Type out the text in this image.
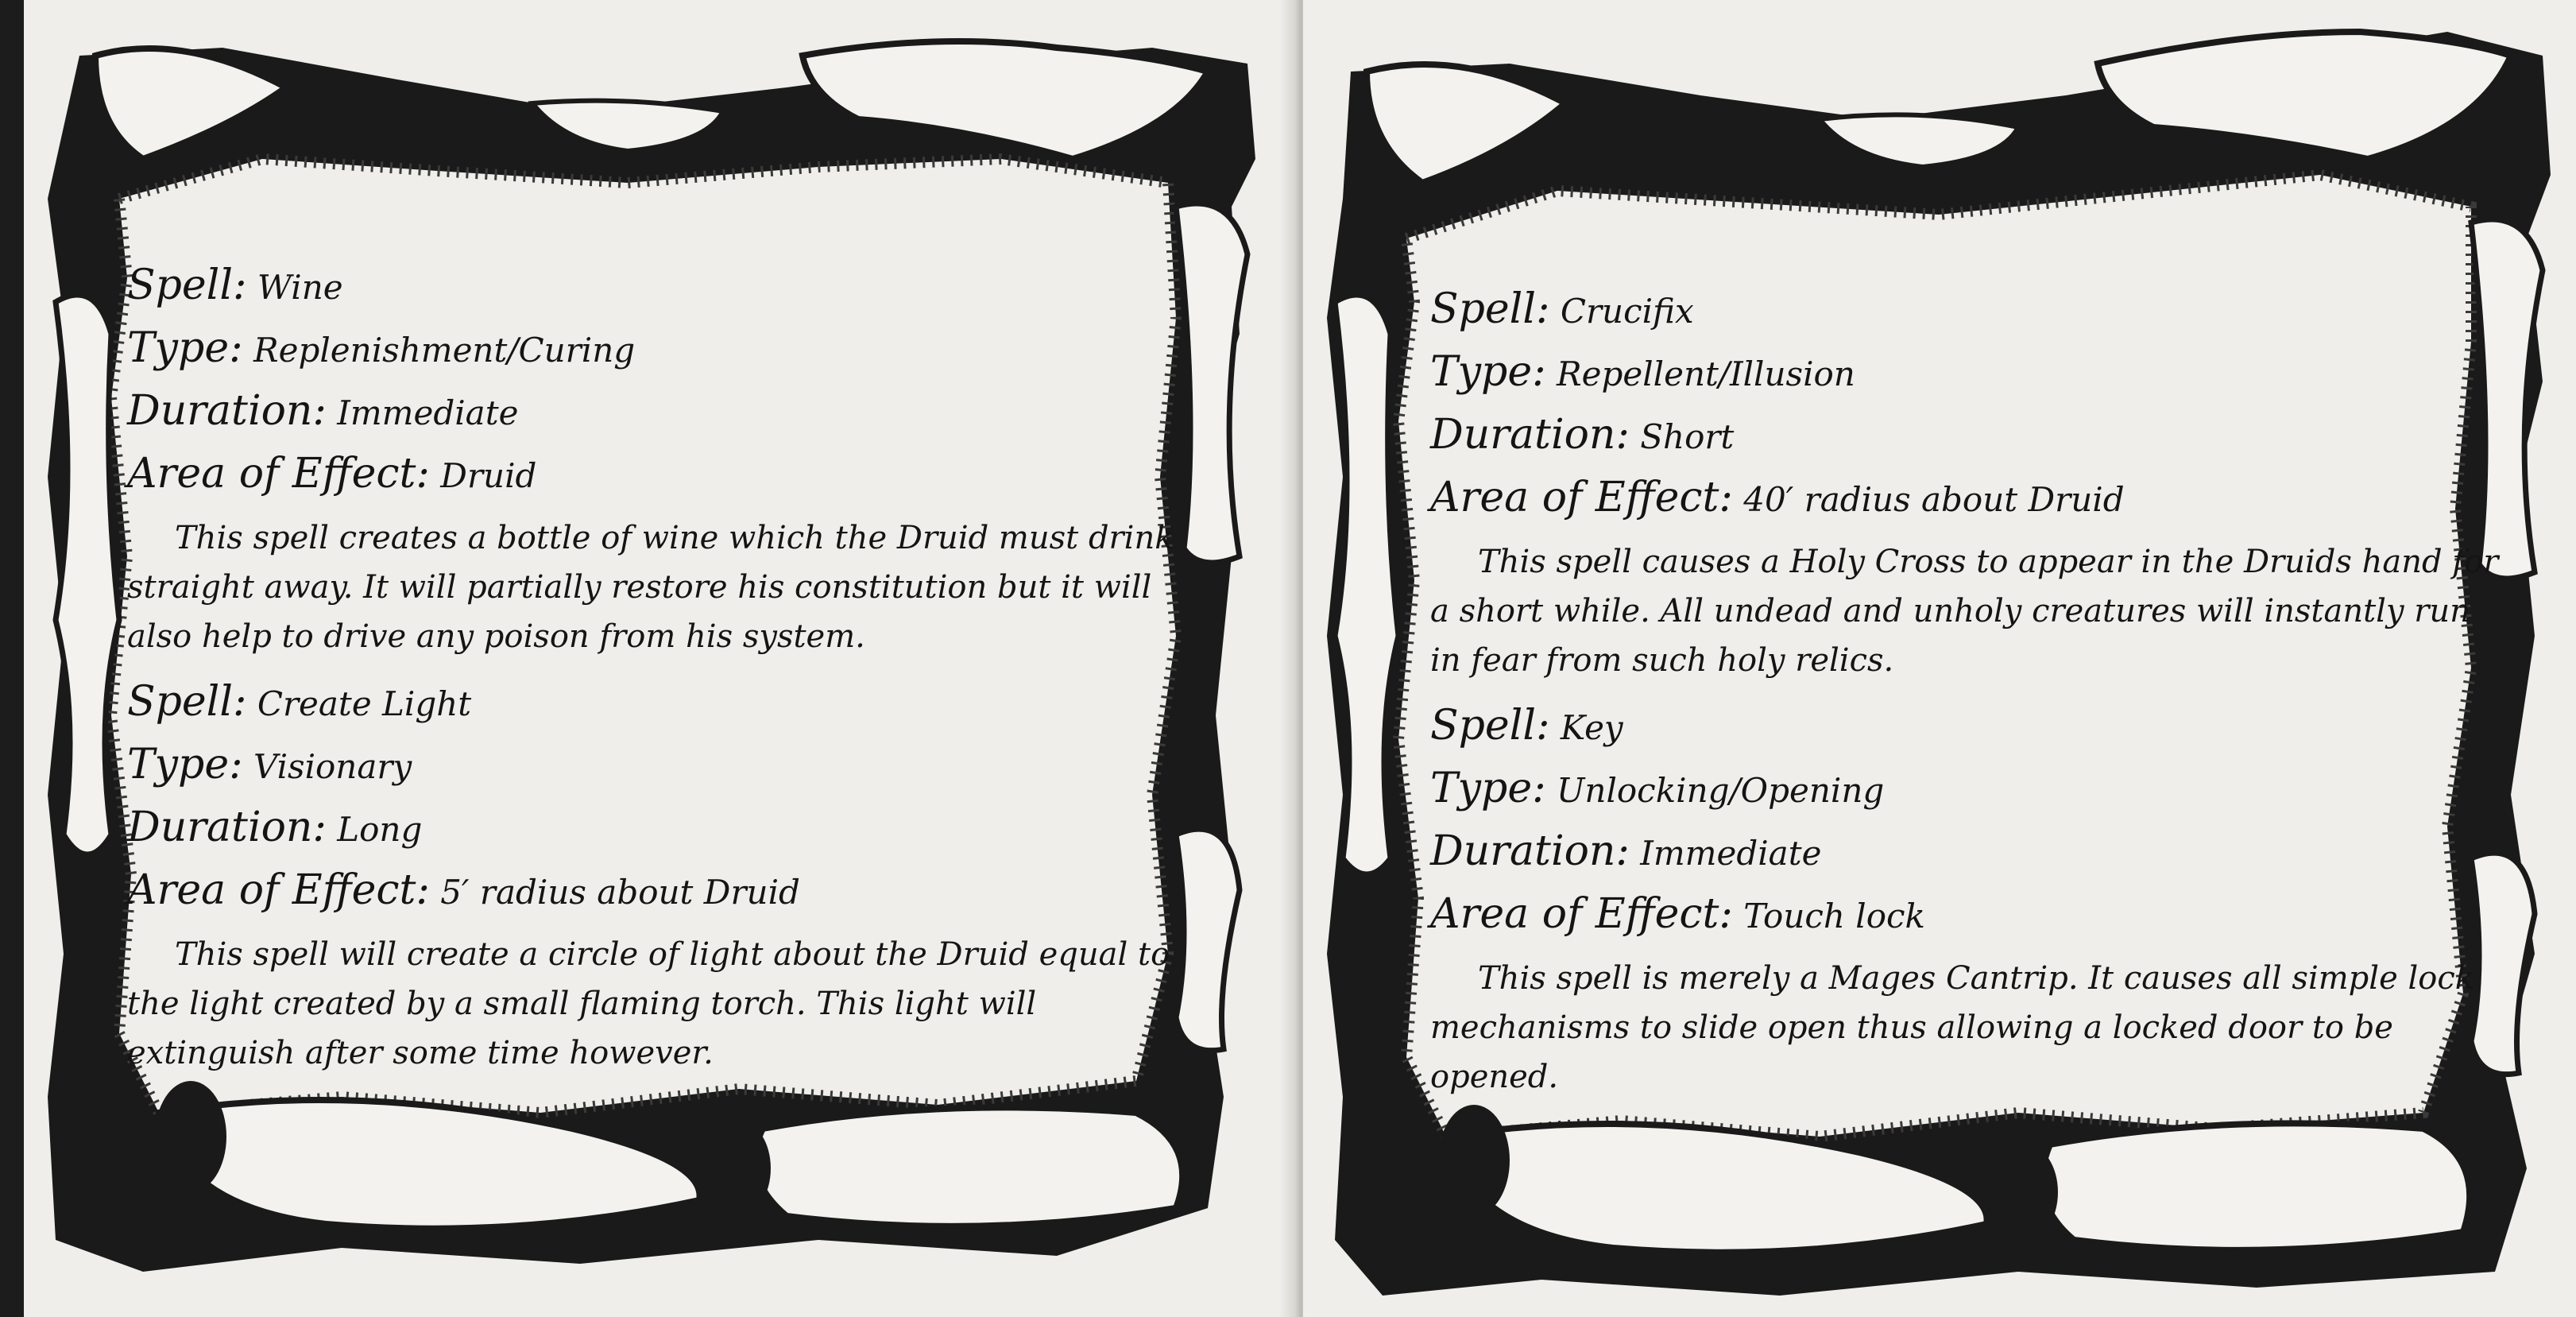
Spell: Wine

Type: Replenishment/Curing

Duration: Immediate

Area of Effect: Druid

This spell creates a bottle of wine which the Druid must drink straight away. It will partially restore his constitution but it will also help to drive any poison from his system.

Spell: Create Light

Type: Visionary

Duration: Long

Area of Effect: 5′ radius about Druid

This spell will create a circle of light about the Druid equal to the light created by a small flaming torch. This light will extinguish after some time however.

Spell: Crucifix

Type: Repellent/Illusion

Duration: Short

Area of Effect: 40′ radius about Druid

This spell causes a Holy Cross to appear in the Druids hand for a short while. All undead and unholy creatures will instantly run in fear from such holy relics.

Spell: Key

Type: Unlocking/Opening

Duration: Immediate

Area of Effect: Touch lock

This spell is merely a Mages Cantrip. It causes all simple lock mechanisms to slide open thus allowing a locked door to be opened.
